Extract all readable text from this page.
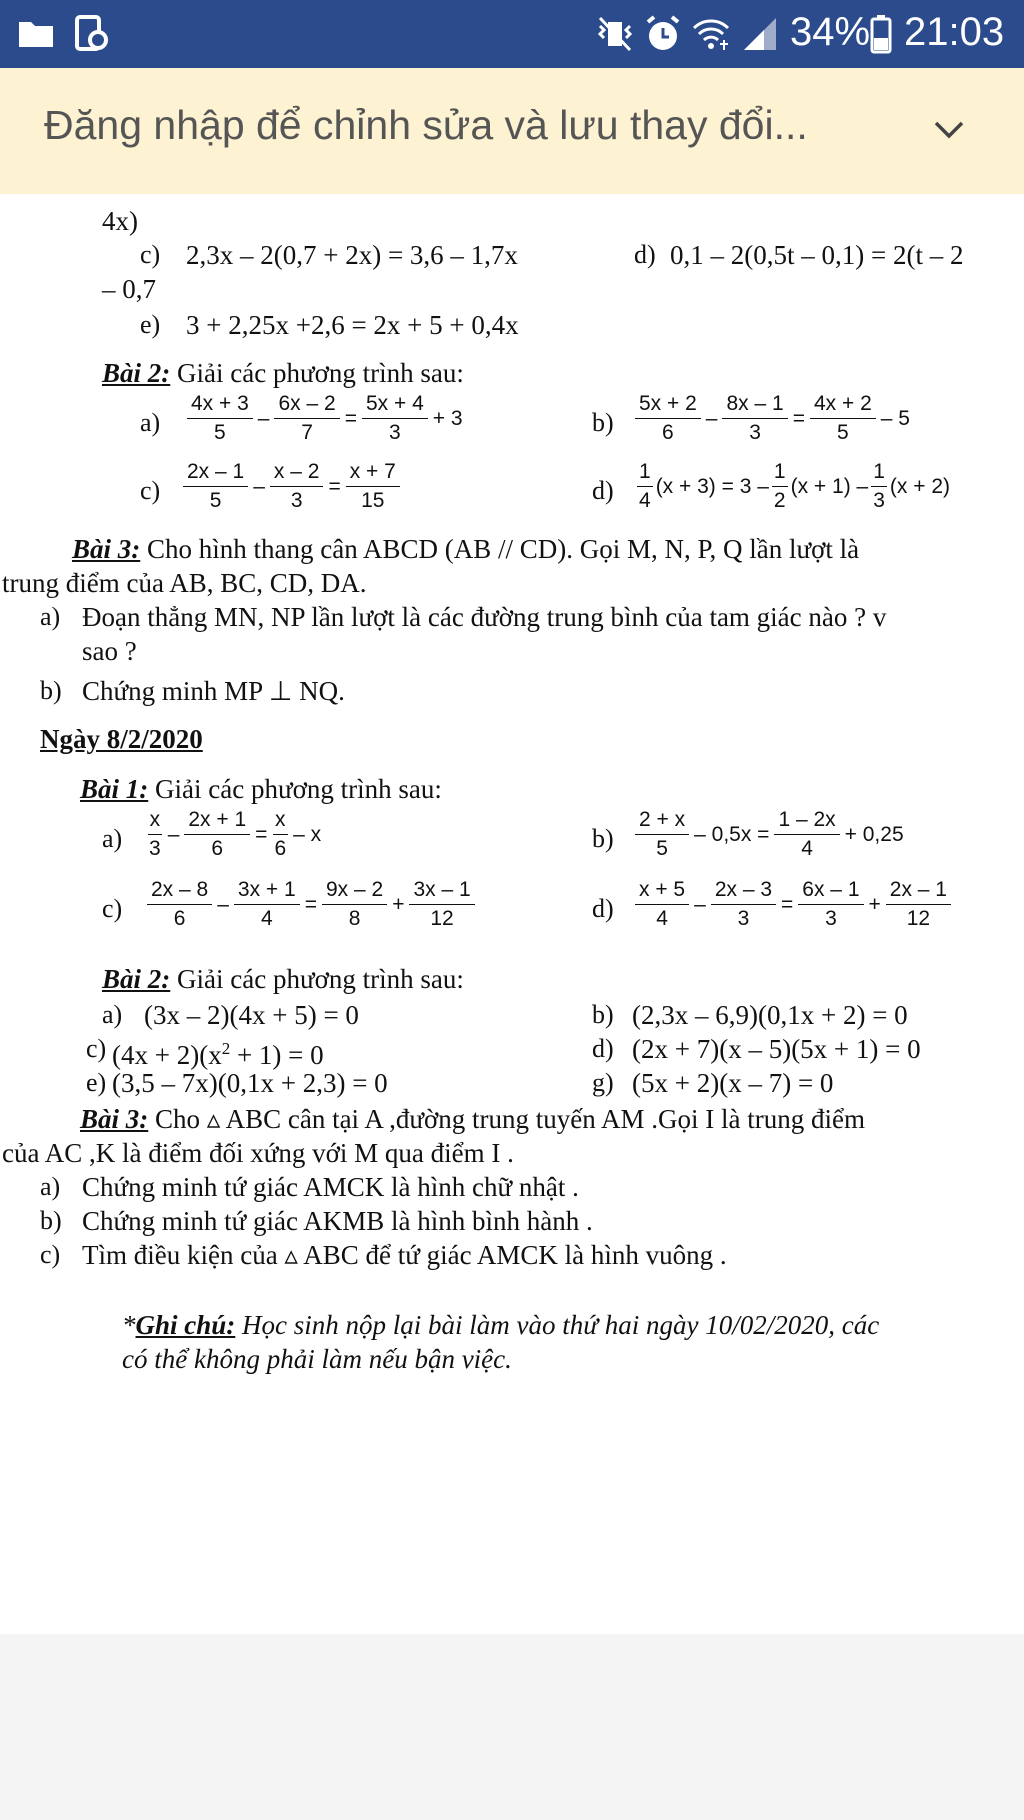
34% 21:03
Đăng nhập để chỉnh sửa và lưu thay đổi...
4x)
c) 2,3x – 2(0,7 + 2x) = 3,6 – 1,7x	d) 0,1 – 2(0,5t – 0,1) = 2(t – 2
– 0,7
e) 3 + 2,25x +2,6 = 2x + 5 + 0,4x
Bài 2: Giải các phương trình sau:
$a) \frac{4x + 3}{5} - \frac{6x - 2}{7} = \frac{5x + 4}{3} + 3$	$b) \frac{5x + 2}{6} - \frac{8x - 1}{3} = \frac{4x + 2}{5} - 5$
$c) \frac{2x - 1}{5} - \frac{x - 2}{3} = \frac{x + 7}{15}$	$d) \frac{1}{4} (x + 3) = 3 - \frac{1}{2} (x + 1) - \frac{1}{3} (x + 2)$
Bài 3: Cho hình thang cân ABCD (AB // CD). Gọi M, N, P, Q lần lượt là
trung điểm của AB, BC, CD, DA.
a) Đoạn thẳng MN, NP lần lượt là các đường trung bình của tam giác nào ? v
sao ?
b) Chứng minh MP ⊥ NQ.
Ngày 8/2/2020
Bài 1: Giải các phương trình sau:
$a) \frac{x}{3} - \frac{2x + 1}{6} = \frac{x}{6} - x$	$b) \frac{2 + x}{5} - 0,5x = \frac{1 - 2x}{4} + 0,25$
$c) \frac{2x - 8}{6} - \frac{3x + 1}{4} = \frac{9x - 2}{8} + \frac{3x - 1}{12}$	$d) \frac{x + 5}{4} - \frac{2x - 3}{3} = \frac{6x - 1}{3} + \frac{2x - 1}{12}$
Bài 2: Giải các phương trình sau:
a) (3x – 2)(4x + 5) = 0	b) (2,3x – 6,9)(0,1x + 2) = 0
c) $(4x + 2)(x^2 + 1) = 0$	d) (2x + 7)(x – 5)(5x + 1) = 0
e) (3,5 – 7x)(0,1x + 2,3) = 0	g) (5x + 2)(x – 7) = 0
Bài 3: Cho ▵ ABC cân tại A ,đường trung tuyến AM .Gọi I là trung điểm
của AC ,K là điểm đối xứng với M qua điểm I .
a) Chứng minh tứ giác AMCK là hình chữ nhật .
b) Chứng minh tứ giác AKMB là hình bình hành .
c) Tìm điều kiện của ▵ ABC để tứ giác AMCK là hình vuông .
*Ghi chú: Học sinh nộp lại bài làm vào thứ hai ngày 10/02/2020, các
có thể không phải làm nếu bận việc.
